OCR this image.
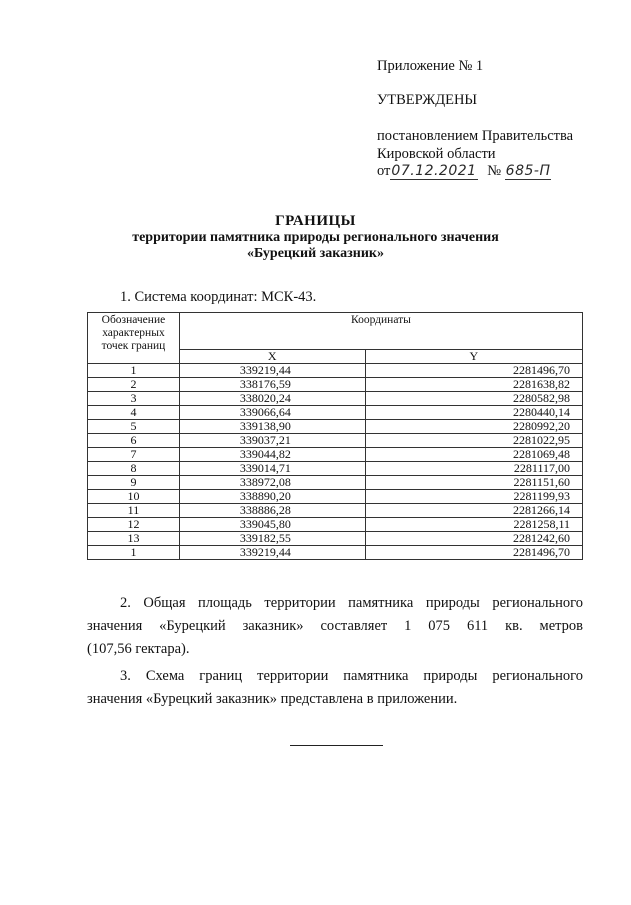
Приложение № 1
УТВЕРЖДЕНЫ
постановлением Правительства
Кировской области
от07.12.2021 № 685-П
ГРАНИЦЫ
территории памятника природы регионального значения
«Бурецкий заказник»
1. Система координат: МСК-43.
Обозначение характерных точек границ	Координаты	
	X	Y
1	339219,44	2281496,70
2	338176,59	2281638,82
3	338020,24	2280582,98
4	339066,64	2280440,14
5	339138,90	2280992,20
6	339037,21	2281022,95
7	339044,82	2281069,48
8	339014,71	2281117,00
9	338972,08	2281151,60
10	338890,20	2281199,93
11	338886,28	2281266,14
12	339045,80	2281258,11
13	339182,55	2281242,60
1	339219,44	2281496,70
2. Общая площадь территории памятника природы регионального
значения «Бурецкий заказник» составляет 1 075 611 кв. метров
(107,56 гектара).
3. Схема границ территории памятника природы регионального
значения «Бурецкий заказник» представлена в приложении.
